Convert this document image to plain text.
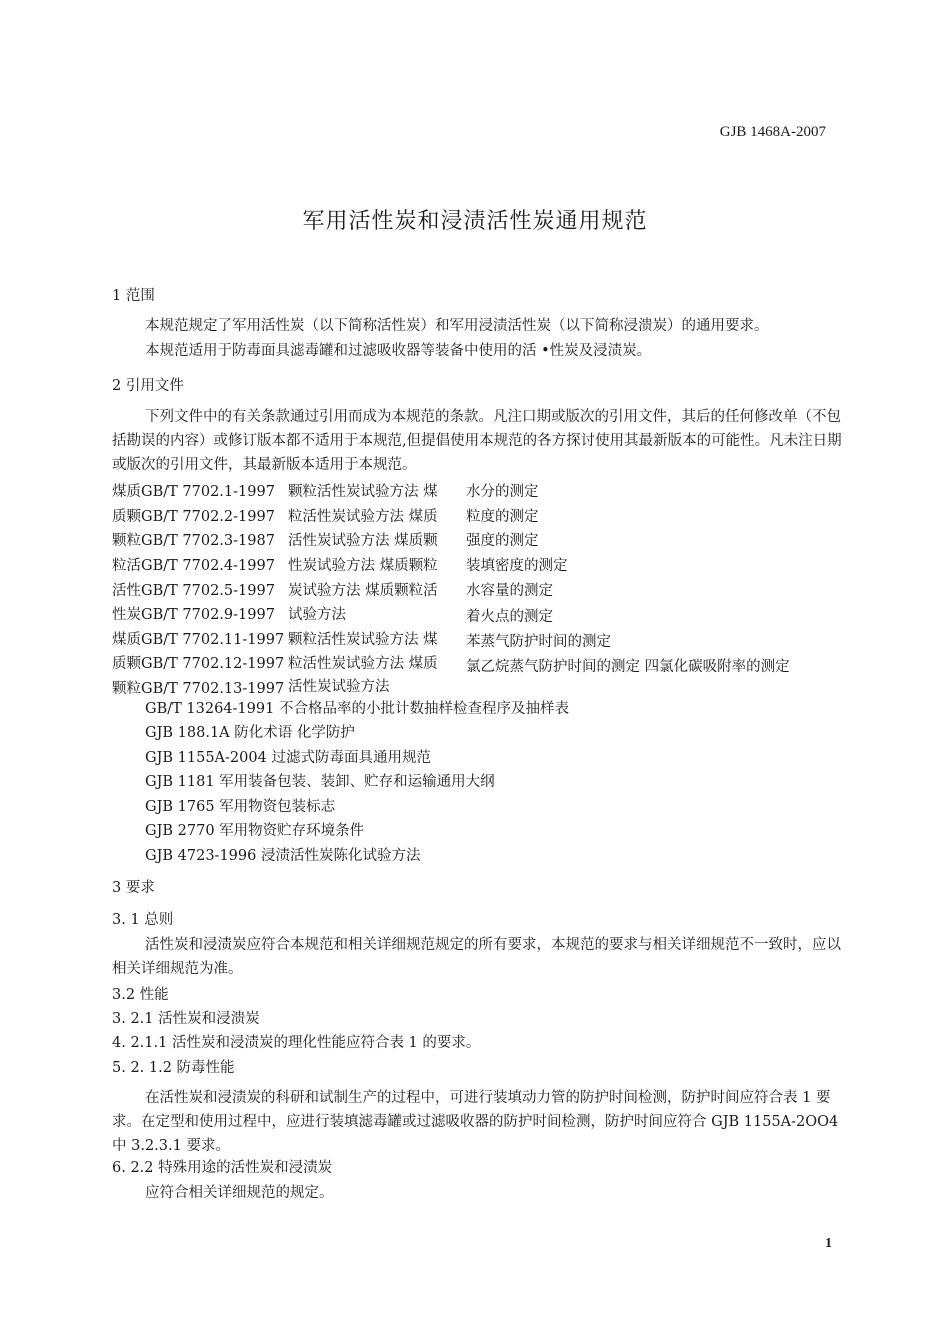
GJB 1468A-2007
军用活性炭和浸渍活性炭通用规范
1 范围
本规范规定了军用活性炭（以下简称活性炭）和军用浸渍活性炭（以下简称浸溃炭）的通用要求。
本规范适用于防毒面具滤毒罐和过滤吸收器等装备中使用的活 •性炭及浸渍炭。
2 引用文件
下列文件中的有关条款通过引用而成为本规范的条款。凡注口期或版次的引用文件，其后的任何修改单（不包括勘误的内容）或修订版本都不适用于本规范,但提倡使用本规范的各方探讨使用其最新版本的可能性。凡未注日期或版次的引用文件，其最新版本适用于本规范。
煤质GB/T 7702.1-1997 颗粒活性炭试验方法 煤 水分的测定
质颗GB/T 7702.2-1997 粒活性炭试验方法 煤质 粒度的测定
颗粒GB/T 7702.3-1987 活性炭试验方法 煤质颗 强度的测定
粒活GB/T 7702.4-1997 性炭试验方法 煤质颗粒 装填密度的测定
活性GB/T 7702.5-1997 炭试验方法 煤质颗粒活 水容量的测定
性炭GB/T 7702.9-1997 试验方法	着火点的测定
煤质GB/T 7702.11-1997 颗粒活性炭试验方法 煤 苯蒸气防护时间的测定
质颗GB/T 7702.12-1997 粒活性炭试验方法 煤质 氯乙烷蒸气防护时间的测定 四氯化碳吸附率的测定
颗粒GB/T 7702.13-1997 活性炭试验方法
GB/T 13264-1991 不合格品率的小批计数抽样检查程序及抽样表
GJB 188.1A 防化术语 化学防护
GJB 1155A-2004 过滤式防毒面具通用规范
GJB 1181 军用装备包装、装卸、贮存和运输通用大纲
GJB 1765 军用物资包装标志
GJB 2770 军用物资贮存环境条件
GJB 4723-1996 浸渍活性炭陈化试验方法
3 要求
3. 1 总则
活性炭和浸渍炭应符合本规范和相关详细规范规定的所有要求，本规范的要求与相关详细规范不一致时，应以相关详细规范为准。
3.2 性能
3. 2.1 活性炭和浸溃炭
4. 2.1.1 活性炭和浸渍炭的理化性能应符合表 1 的要求。
5. 2. 1.2 防毒性能
在活性炭和浸渍炭的科研和试制生产的过程中，可进行装填动力管的防护时间检测，防护时间应符合表 1 要求。在定型和使用过程中，应进行装填滤毒罐或过滤吸收器的防护时间检测，防护时间应符合 GJB 1155A-2OO4 中 3.2.3.1 要求。
6. 2.2 特殊用途的活性炭和浸渍炭
应符合相关详细规范的规定。
1
